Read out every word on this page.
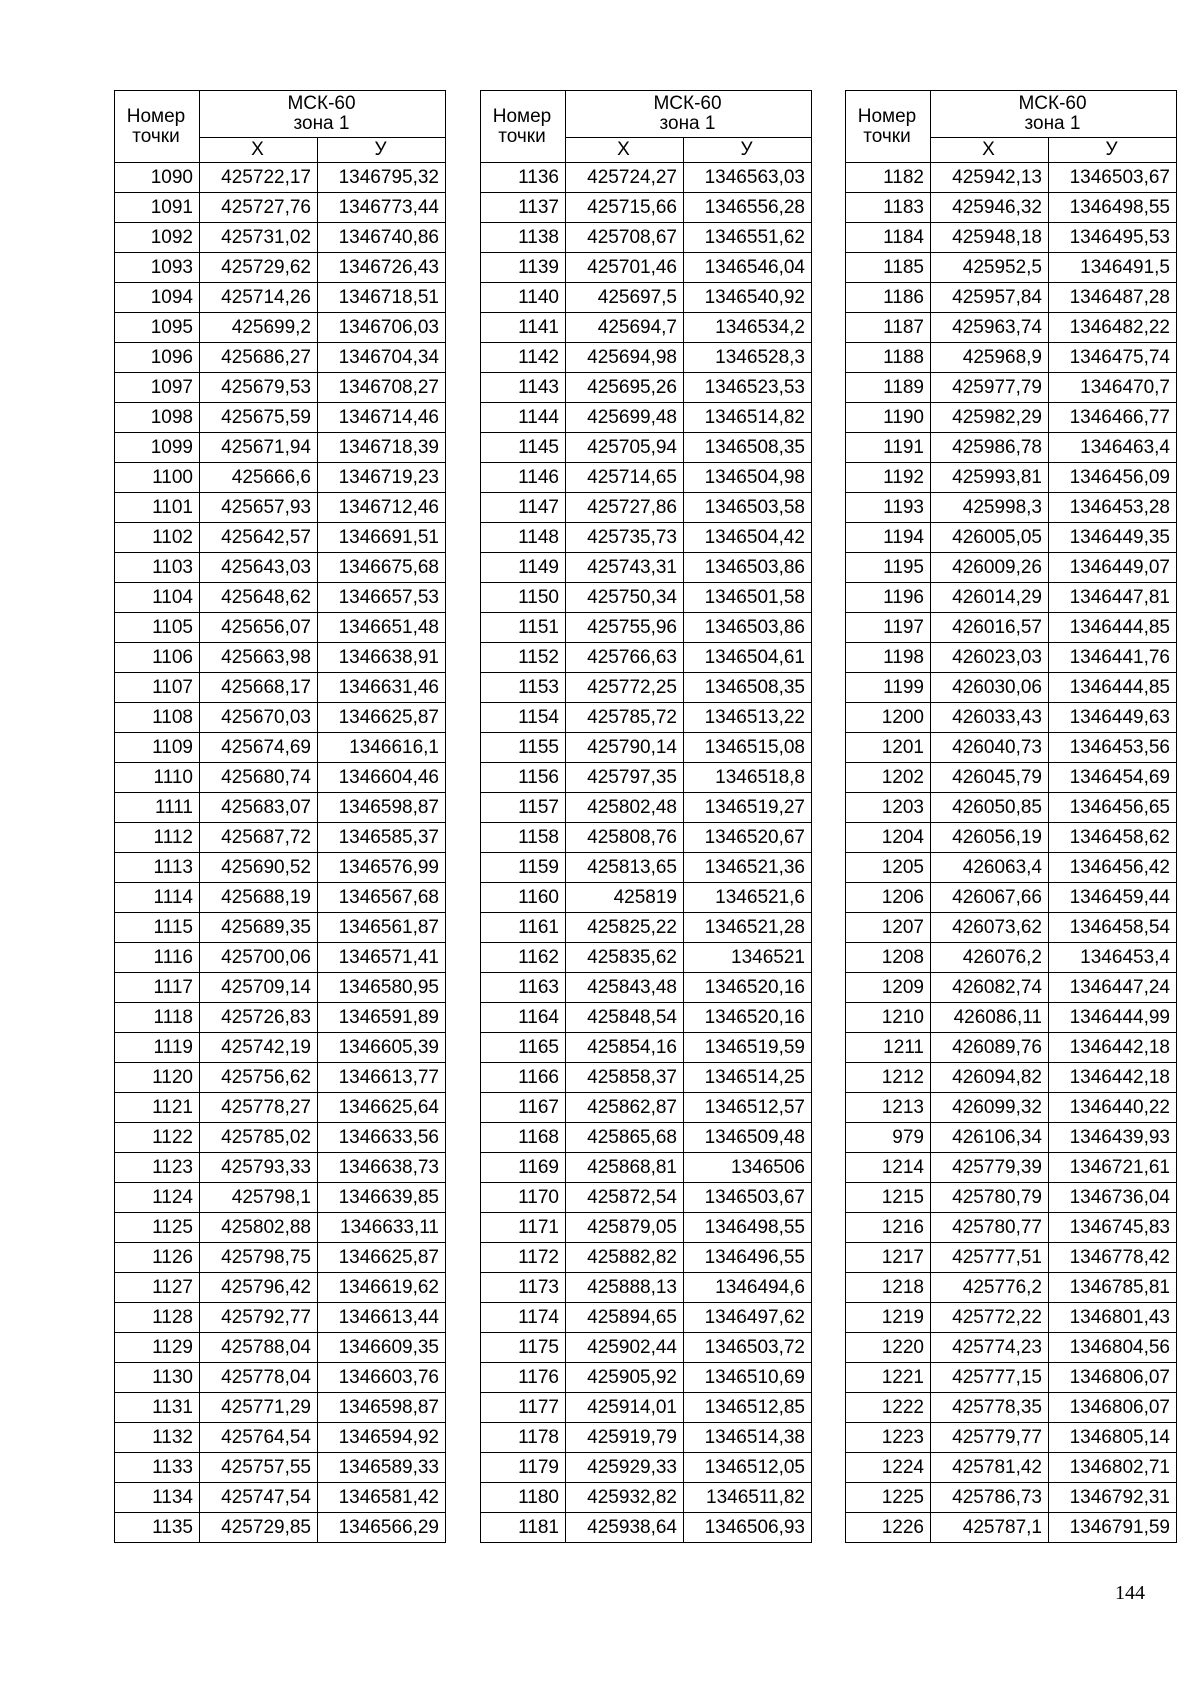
Номер
точки	МСК-60
зона 1	
	Х	У
1090	425722,17	1346795,32
1091	425727,76	1346773,44
1092	425731,02	1346740,86
1093	425729,62	1346726,43
1094	425714,26	1346718,51
1095	425699,2	1346706,03
1096	425686,27	1346704,34
1097	425679,53	1346708,27
1098	425675,59	1346714,46
1099	425671,94	1346718,39
1100	425666,6	1346719,23
1101	425657,93	1346712,46
1102	425642,57	1346691,51
1103	425643,03	1346675,68
1104	425648,62	1346657,53
1105	425656,07	1346651,48
1106	425663,98	1346638,91
1107	425668,17	1346631,46
1108	425670,03	1346625,87
1109	425674,69	1346616,1
1110	425680,74	1346604,46
1111	425683,07	1346598,87
1112	425687,72	1346585,37
1113	425690,52	1346576,99
1114	425688,19	1346567,68
1115	425689,35	1346561,87
1116	425700,06	1346571,41
1117	425709,14	1346580,95
1118	425726,83	1346591,89
1119	425742,19	1346605,39
1120	425756,62	1346613,77
1121	425778,27	1346625,64
1122	425785,02	1346633,56
1123	425793,33	1346638,73
1124	425798,1	1346639,85
1125	425802,88	1346633,11
1126	425798,75	1346625,87
1127	425796,42	1346619,62
1128	425792,77	1346613,44
1129	425788,04	1346609,35
1130	425778,04	1346603,76
1131	425771,29	1346598,87
1132	425764,54	1346594,92
1133	425757,55	1346589,33
1134	425747,54	1346581,42
1135	425729,85	1346566,29
Номер
точки	МСК-60
зона 1	
	Х	У
1136	425724,27	1346563,03
1137	425715,66	1346556,28
1138	425708,67	1346551,62
1139	425701,46	1346546,04
1140	425697,5	1346540,92
1141	425694,7	1346534,2
1142	425694,98	1346528,3
1143	425695,26	1346523,53
1144	425699,48	1346514,82
1145	425705,94	1346508,35
1146	425714,65	1346504,98
1147	425727,86	1346503,58
1148	425735,73	1346504,42
1149	425743,31	1346503,86
1150	425750,34	1346501,58
1151	425755,96	1346503,86
1152	425766,63	1346504,61
1153	425772,25	1346508,35
1154	425785,72	1346513,22
1155	425790,14	1346515,08
1156	425797,35	1346518,8
1157	425802,48	1346519,27
1158	425808,76	1346520,67
1159	425813,65	1346521,36
1160	425819	1346521,6
1161	425825,22	1346521,28
1162	425835,62	1346521
1163	425843,48	1346520,16
1164	425848,54	1346520,16
1165	425854,16	1346519,59
1166	425858,37	1346514,25
1167	425862,87	1346512,57
1168	425865,68	1346509,48
1169	425868,81	1346506
1170	425872,54	1346503,67
1171	425879,05	1346498,55
1172	425882,82	1346496,55
1173	425888,13	1346494,6
1174	425894,65	1346497,62
1175	425902,44	1346503,72
1176	425905,92	1346510,69
1177	425914,01	1346512,85
1178	425919,79	1346514,38
1179	425929,33	1346512,05
1180	425932,82	1346511,82
1181	425938,64	1346506,93
Номер
точки	МСК-60
зона 1	
	Х	У
1182	425942,13	1346503,67
1183	425946,32	1346498,55
1184	425948,18	1346495,53
1185	425952,5	1346491,5
1186	425957,84	1346487,28
1187	425963,74	1346482,22
1188	425968,9	1346475,74
1189	425977,79	1346470,7
1190	425982,29	1346466,77
1191	425986,78	1346463,4
1192	425993,81	1346456,09
1193	425998,3	1346453,28
1194	426005,05	1346449,35
1195	426009,26	1346449,07
1196	426014,29	1346447,81
1197	426016,57	1346444,85
1198	426023,03	1346441,76
1199	426030,06	1346444,85
1200	426033,43	1346449,63
1201	426040,73	1346453,56
1202	426045,79	1346454,69
1203	426050,85	1346456,65
1204	426056,19	1346458,62
1205	426063,4	1346456,42
1206	426067,66	1346459,44
1207	426073,62	1346458,54
1208	426076,2	1346453,4
1209	426082,74	1346447,24
1210	426086,11	1346444,99
1211	426089,76	1346442,18
1212	426094,82	1346442,18
1213	426099,32	1346440,22
979	426106,34	1346439,93
1214	425779,39	1346721,61
1215	425780,79	1346736,04
1216	425780,77	1346745,83
1217	425777,51	1346778,42
1218	425776,2	1346785,81
1219	425772,22	1346801,43
1220	425774,23	1346804,56
1221	425777,15	1346806,07
1222	425778,35	1346806,07
1223	425779,77	1346805,14
1224	425781,42	1346802,71
1225	425786,73	1346792,31
1226	425787,1	1346791,59
144
